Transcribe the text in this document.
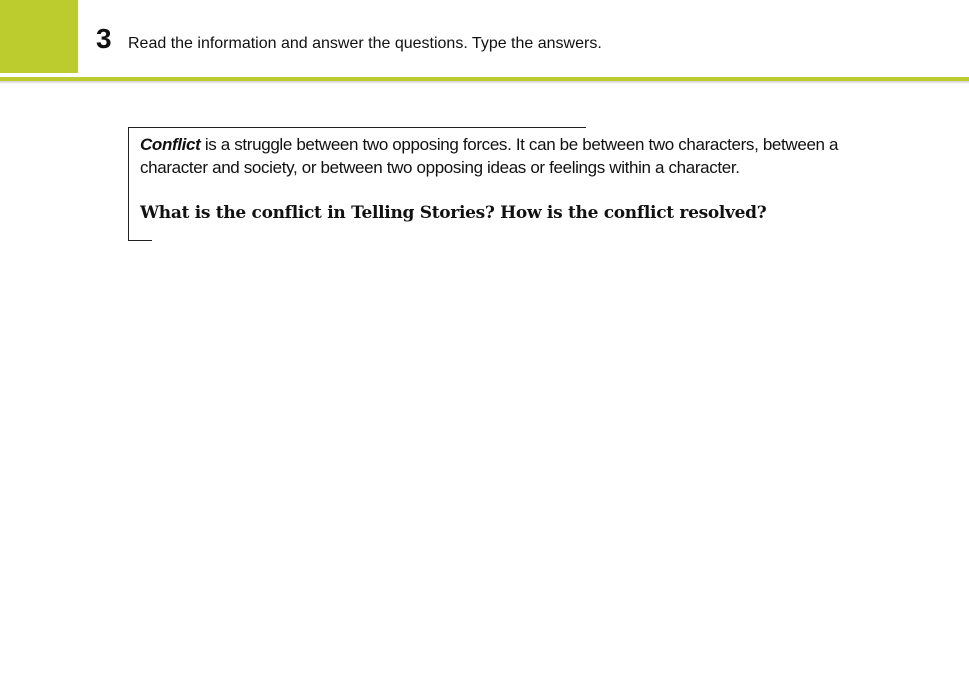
3 Read the information and answer the questions. Type the answers.

Conflict is a struggle between two opposing forces. It can be between two characters, between a character and society, or between two opposing ideas or feelings within a character.

What is the conflict in Telling Stories? How is the conflict resolved?
